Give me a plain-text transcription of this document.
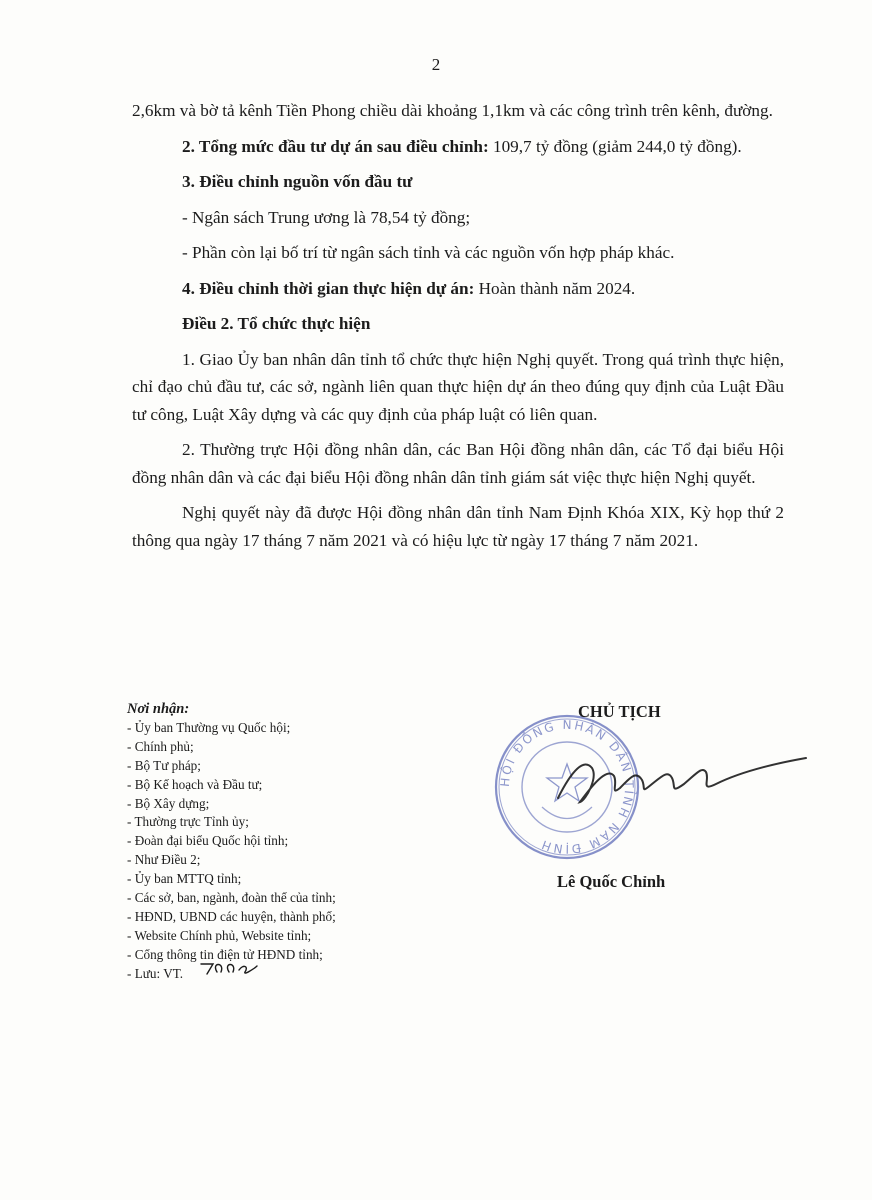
2

2,6km và bờ tả kênh Tiền Phong chiều dài khoảng 1,1km và các công trình trên kênh, đường.

2. Tổng mức đầu tư dự án sau điều chỉnh: 109,7 tỷ đồng (giảm 244,0 tỷ đồng).

3. Điều chỉnh nguồn vốn đầu tư

- Ngân sách Trung ương là 78,54 tỷ đồng;

- Phần còn lại bố trí từ ngân sách tỉnh và các nguồn vốn hợp pháp khác.

4. Điều chỉnh thời gian thực hiện dự án: Hoàn thành năm 2024.

Điều 2. Tổ chức thực hiện

1. Giao Ủy ban nhân dân tỉnh tổ chức thực hiện Nghị quyết. Trong quá trình thực hiện, chỉ đạo chủ đầu tư, các sở, ngành liên quan thực hiện dự án theo đúng quy định của Luật Đầu tư công, Luật Xây dựng và các quy định của pháp luật có liên quan.

2. Thường trực Hội đồng nhân dân, các Ban Hội đồng nhân dân, các Tổ đại biểu Hội đồng nhân dân và các đại biểu Hội đồng nhân dân tỉnh giám sát việc thực hiện Nghị quyết.

Nghị quyết này đã được Hội đồng nhân dân tỉnh Nam Định Khóa XIX, Kỳ họp thứ 2 thông qua ngày 17 tháng 7 năm 2021 và có hiệu lực từ ngày 17 tháng 7 năm 2021.

Nơi nhận:
- Ủy ban Thường vụ Quốc hội;
- Chính phủ;
- Bộ Tư pháp;
- Bộ Kế hoạch và Đầu tư;
- Bộ Xây dựng;
- Thường trực Tỉnh ủy;
- Đoàn đại biểu Quốc hội tỉnh;
- Như Điều 2;
- Ủy ban MTTQ tỉnh;
- Các sở, ban, ngành, đoàn thể của tỉnh;
- HĐND, UBND các huyện, thành phố;
- Website Chính phủ, Website tỉnh;
- Cổng thông tin điện tử HĐND tỉnh;
- Lưu: VT.
HỘI ĐỒNG NHÂN DÂN TỈNH NAM ĐỊNH
CHỦ TỊCH
Lê Quốc Chỉnh
